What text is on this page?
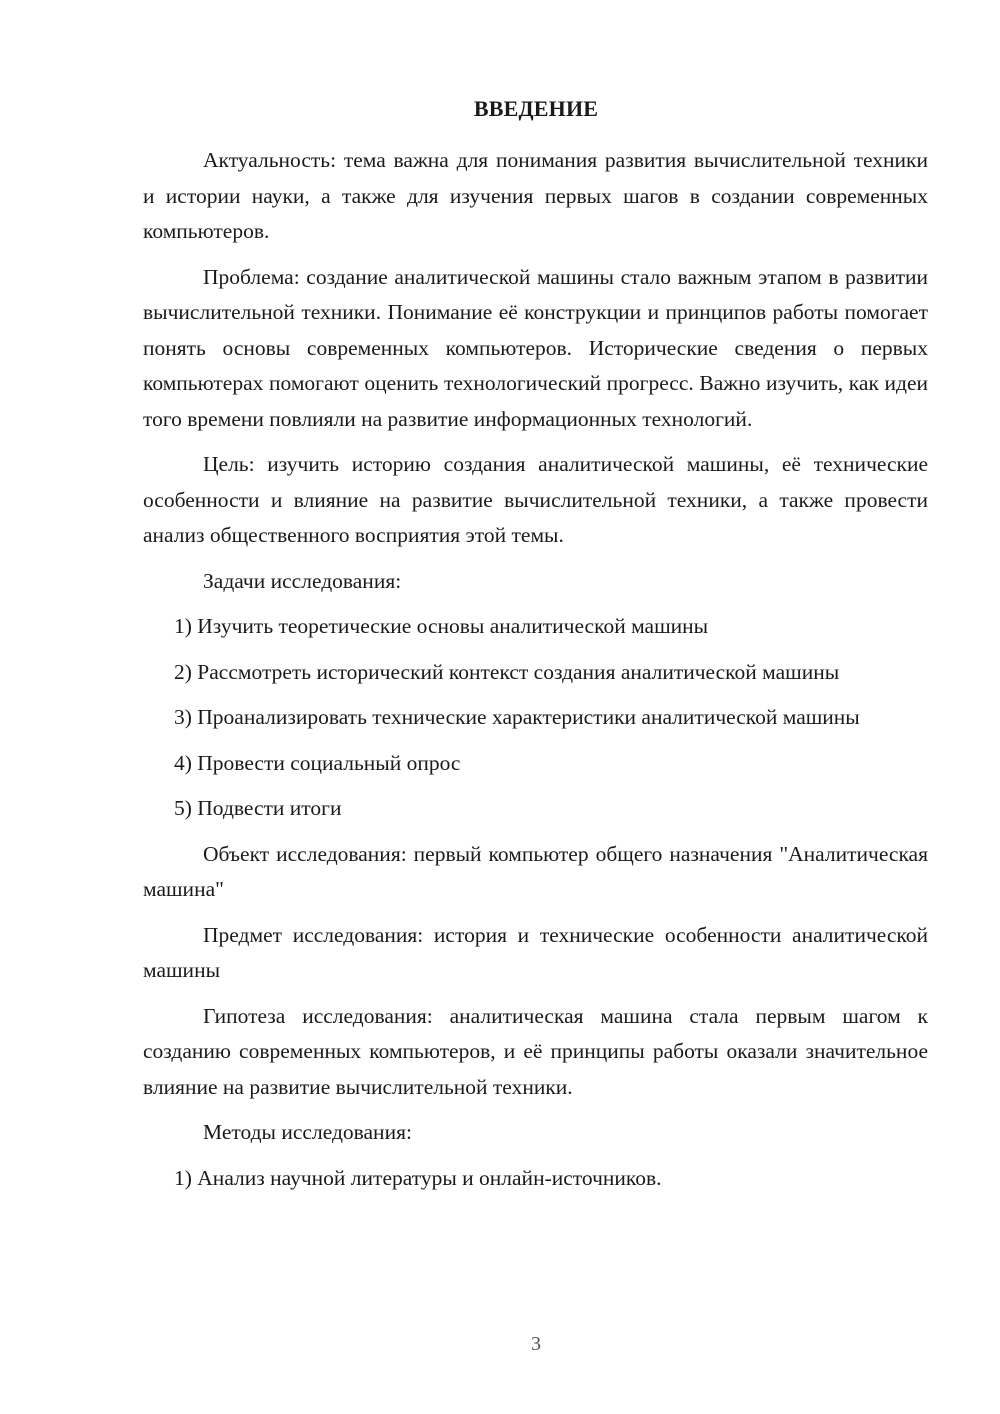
ВВЕДЕНИЕ

Актуальность: тема важна для понимания развития вычислительной техники и истории науки, а также для изучения первых шагов в создании современных компьютеров.

Проблема: создание аналитической машины стало важным этапом в развитии вычислительной техники. Понимание её конструкции и принципов работы помогает понять основы современных компьютеров. Исторические сведения о первых компьютерах помогают оценить технологический прогресс. Важно изучить, как идеи того времени повлияли на развитие информационных технологий.

Цель: изучить историю создания аналитической машины, её технические особенности и влияние на развитие вычислительной техники, а также провести анализ общественного восприятия этой темы.

Задачи исследования:

1) Изучить теоретические основы аналитической машины

2) Рассмотреть исторический контекст создания аналитической машины

3) Проанализировать технические характеристики аналитической машины

4) Провести социальный опрос

5) Подвести итоги

Объект исследования: первый компьютер общего назначения "Аналитическая машина"

Предмет исследования: история и технические особенности аналитической машины

Гипотеза исследования: аналитическая машина стала первым шагом к созданию современных компьютеров, и её принципы работы оказали значительное влияние на развитие вычислительной техники.

Методы исследования:

1) Анализ научной литературы и онлайн-источников.

3
